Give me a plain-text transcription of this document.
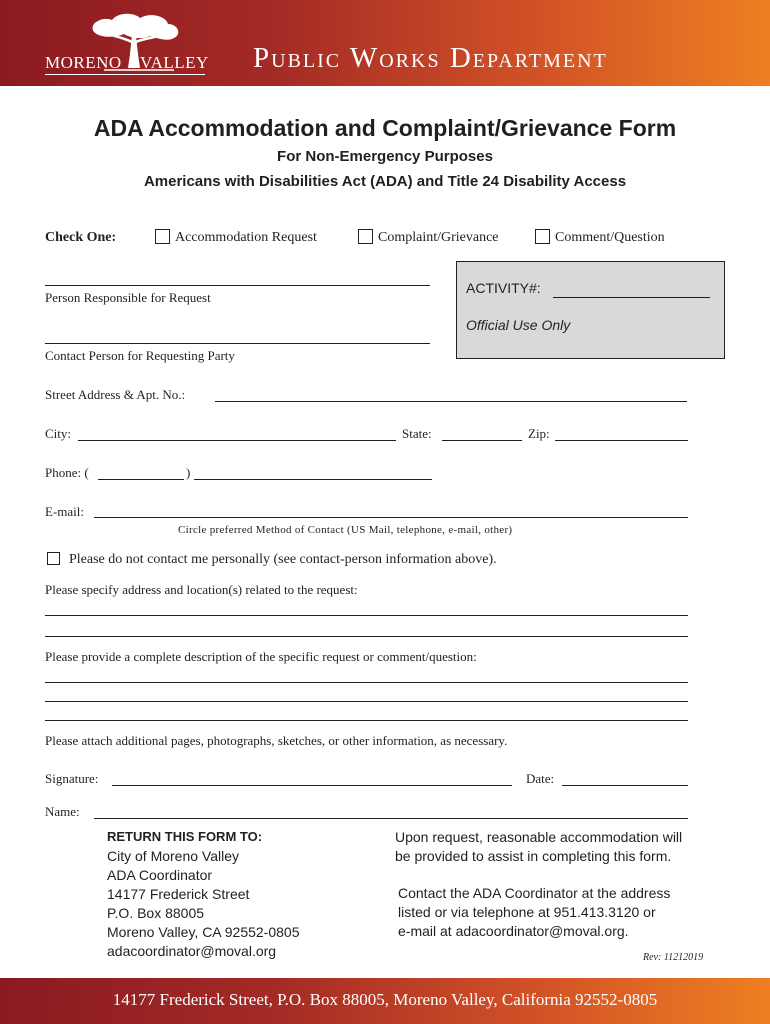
MORENO VALLEY Public Works Department
ADA Accommodation and Complaint/Grievance Form
For Non-Emergency Purposes
Americans with Disabilities Act (ADA) and Title 24 Disability Access
Check One:	Accommodation Request	Complaint/Grievance	Comment/Question
Person Responsible for Request
Contact Person for Requesting Party
ACTIVITY#:
Official Use Only
Street Address & Apt. No.:
City:	State:	Zip:
Phone: (	)
E-mail:
Circle preferred Method of Contact (US Mail, telephone, e-mail, other)
Please do not contact me personally (see contact-person information above).
Please specify address and location(s) related to the request:
Please provide a complete description of the specific request or comment/question:
Please attach additional pages, photographs, sketches, or other information, as necessary.
Signature:	Date:
Name:
RETURN THIS FORM TO:
City of Moreno Valley
ADA Coordinator
14177 Frederick Street
P.O. Box 88005
Moreno Valley, CA 92552-0805
adacoordinator@moval.org
Upon request, reasonable accommodation will
be provided to assist in completing this form.
Contact the ADA Coordinator at the address
listed or via telephone at 951.413.3120 or
e-mail at adacoordinator@moval.org.
Rev: 11212019
14177 Frederick Street, P.O. Box 88005, Moreno Valley, California 92552-0805
